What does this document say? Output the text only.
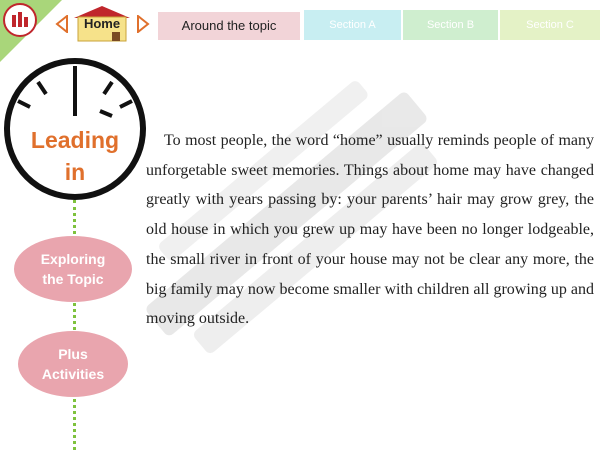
Home	Around the topic	Section A	Section B	Section C
Leading
in
Exploring
the Topic
Plus
Activities

To most people, the word “home” usually reminds people of many unforgetable sweet memories. Things about home may have changed greatly with years passing by: your parents’ hair may grow grey, the old house in which you grew up may have been no longer lodgeable, the small river in front of your house may not be clear any more, the big family may now become smaller with children all growing up and moving outside.
